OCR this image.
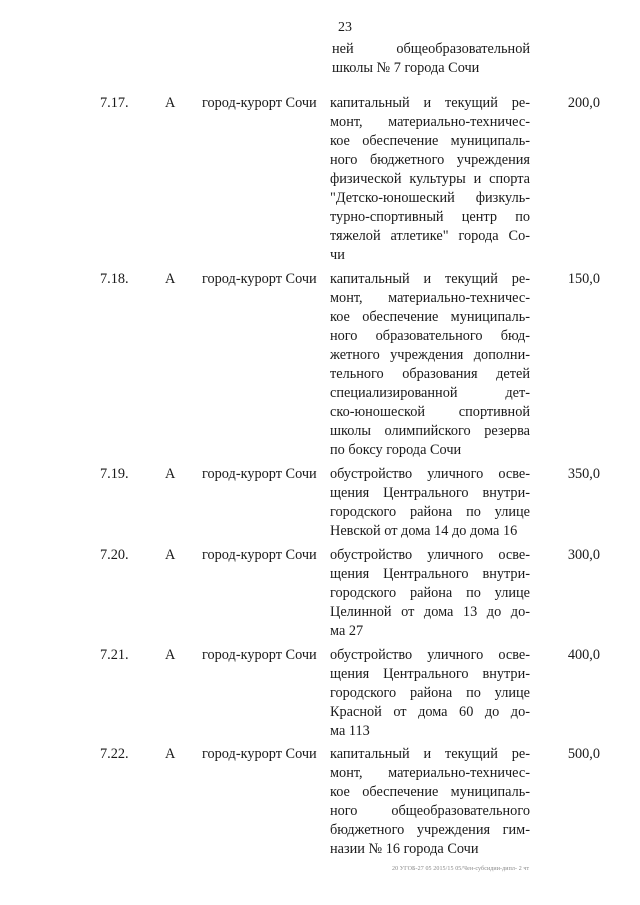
23
ней общеобразовательной
школы № 7 города Сочи
7.17.	А	город-курорт Сочи капитальный и текущий ре-
монт, материально-техничес-
кое обеспечение муниципаль-
ного бюджетного учреждения
физической культуры и спорта
"Детско-юношеский физкуль-
турно-спортивный центр по
тяжелой атлетике" города Со-
чи
200,0
7.18.	А	город-курорт Сочи капитальный и текущий ре-
монт, материально-техничес-
кое обеспечение муниципаль-
ного образовательного бюд-
жетного учреждения дополни-
тельного образования детей
специализированной дет-
ско-юношеской спортивной
школы олимпийского резерва
по боксу города Сочи
150,0
7.19.	А	город-курорт Сочи обустройство уличного осве-
щения Центрального внутри-
городского района по улице
Невской от дома 14 до дома 16
350,0
7.20.	А	город-курорт Сочи обустройство уличного осве-
щения Центрального внутри-
городского района по улице
Целинной от дома 13 до до-
ма 27
300,0
7.21.	А	город-курорт Сочи обустройство уличного осве-
щения Центрального внутри-
городского района по улице
Красной от дома 60 до до-
ма 113
400,0
7.22.	А	город-курорт Сочи капитальный и текущий ре-
монт, материально-техничес-
кое обеспечение муниципаль-
ного общеобразовательного
бюджетного учреждения гим-
назии № 16 города Сочи
500,0
20 УГОБ-27 05 2015/15 05/Чен-субсидии-дипл- 2 чт
